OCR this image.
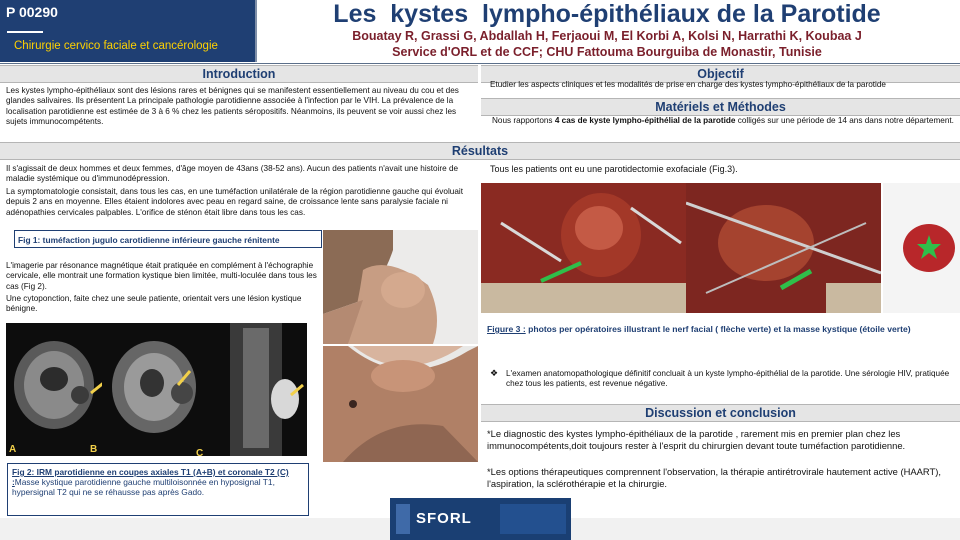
P 00290
Chirurgie cervico faciale et cancérologie
Les  kystes  lympho-épithéliaux de la Parotide
Bouatay R, Grassi G, Abdallah H, Ferjaoui M, El Korbi A, Kolsi N, Harrathi K, Koubaa J
Service d'ORL et de CCF; CHU Fattouma Bourguiba de Monastir, Tunisie
Introduction
Les kystes lympho-épithéliaux sont des lésions rares et bénignes qui se manifestent essentiellement au niveau du cou et des glandes salivaires. Ils présentent La principale pathologie parotidienne associée à l'infection par le VIH. La prévalence de la localisation parotidienne est estimée de 3 à 6 % chez les patients séropositifs. Néanmoins, ils peuvent se voir aussi chez les sujets immunocompétents.
Objectif
Etudier les aspects cliniques et les modalités de prise en charge des kystes lympho-épithéliaux de la parotide
Matériels et Méthodes
Nous rapportons 4 cas de kyste lympho-épithélial de la parotide colligés sur une période de 14 ans dans notre département.
Résultats
Il s'agissait de deux hommes et deux femmes, d'âge moyen de 43ans (38-52 ans). Aucun des patients n'avait une histoire de maladie systémique ou d'immunodépression.
La symptomatologie consistait, dans tous les cas, en une tuméfaction unilatérale de la région parotidienne gauche qui évoluait depuis 2 ans en moyenne. Elles étaient indolores avec peau en regard saine, de croissance lente sans paralysie faciale ni adénopathies cervicales palpables. L'orifice de sténon était libre dans tous les cas.
Fig 1: tuméfaction jugulo carotidienne inférieure gauche rénitente
L'imagerie par résonance magnétique était pratiquée en complément à l'échographie cervicale, elle montrait une formation kystique bien limitée, multi-loculée dans tous les cas (Fig 2).
Une cytoponction, faite chez une seule patiente, orientait vers une lésion kystique bénigne.
A	B	C
Fig 2: IRM parotidienne en coupes axiales T1 (A+B) et coronale T2 (C) :Masse kystique parotidienne gauche multiloisonnée en hyposignal T1, hypersignal T2 qui ne se réhausse pas après Gado.
Tous les patients ont eu une parotidectomie exofaciale (Fig.3).
Figure 3 : photos per opératoires illustrant le nerf facial ( flèche verte) et la masse kystique (étoile verte)
❖ L'examen anatomopathologique définitif concluait à un kyste lympho-épithélial de la parotide. Une sérologie HIV, pratiquée chez tous les patients, est revenue négative.
Discussion et conclusion
*Le diagnostic des kystes lympho-épithéliaux de la parotide , rarement mis en premier plan chez les immunocompétents,doit toujours rester à l'esprit du chirurgien devant toute tuméfaction parotidienne.
*Les options thérapeutiques comprennent l'observation, la thérapie antirétrovirale hautement active (HAART), l'aspiration, la sclérothérapie et la chirurgie.
SFORL
